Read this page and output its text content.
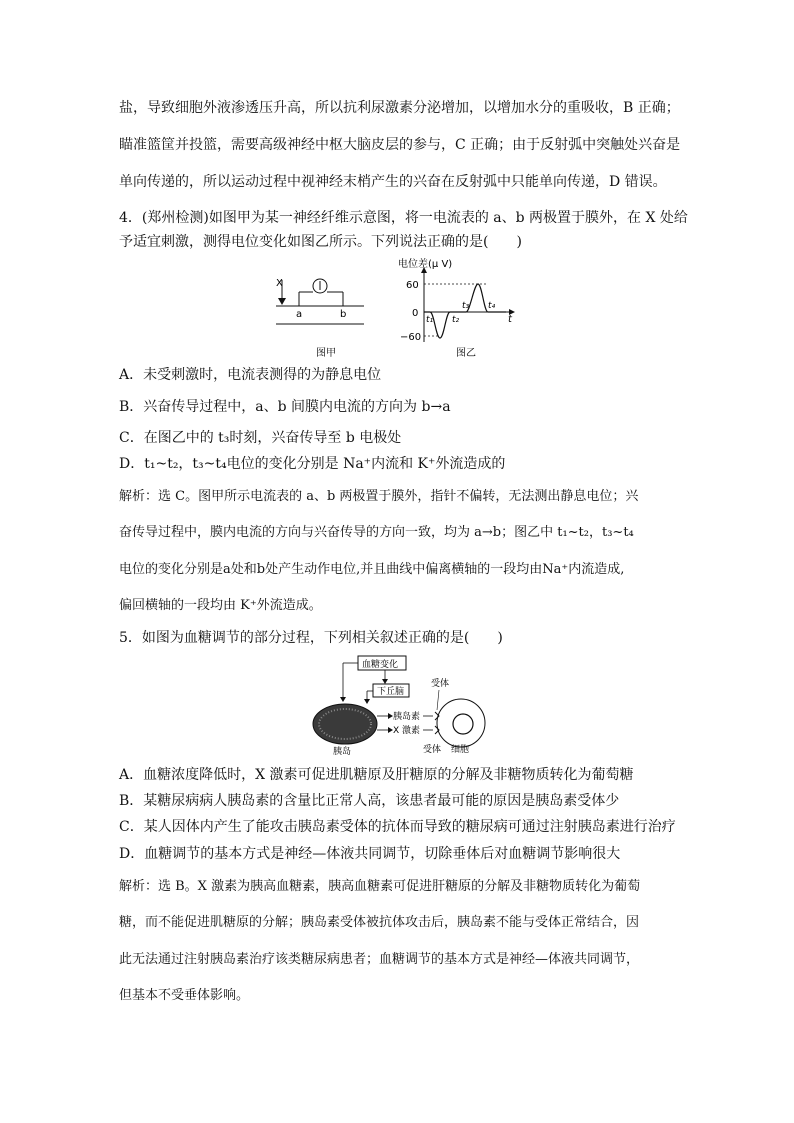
盐，导致细胞外液渗透压升高，所以抗利尿激素分泌增加，以增加水分的重吸收，B 正确；
瞄准篮筐并投篮，需要高级神经中枢大脑皮层的参与，C 正确；由于反射弧中突触处兴奋是
单向传递的，所以运动过程中视神经末梢产生的兴奋在反射弧中只能单向传递，D 错误。
4．(郑州检测)如图甲为某一神经纤维示意图，将一电流表的 a、b 两极置于膜外，在 X 处给
予适宜刺激，测得电位变化如图乙所示。下列说法正确的是(　　)
X
a	b
图甲
电位差(μ V)
60
0
−60
t₁ t₂
t₃ t₄
t
图乙
A．未受刺激时，电流表测得的为静息电位
B．兴奋传导过程中，a、b 间膜内电流的方向为 b→a
C．在图乙中的 t₃时刻，兴奋传导至 b 电极处
D．t₁~t₂，t₃~t₄电位的变化分别是 Na⁺内流和 K⁺外流造成的
解析：选 C。图甲所示电流表的 a、b 两极置于膜外，指针不偏转，无法测出静息电位；兴
奋传导过程中，膜内电流的方向与兴奋传导的方向一致，均为 a→b；图乙中 t₁~t₂，t₃~t₄
电位的变化分别是a处和b处产生动作电位,并且曲线中偏离横轴的一段均由Na⁺内流造成,
偏回横轴的一段均由 K⁺外流造成。
5．如图为血糖调节的部分过程，下列相关叙述正确的是(　　)
血糖变化
下丘脑
胰岛
胰岛素
X 激素
受体
受体 细胞
A．血糖浓度降低时，X 激素可促进肌糖原及肝糖原的分解及非糖物质转化为葡萄糖
B．某糖尿病病人胰岛素的含量比正常人高，该患者最可能的原因是胰岛素受体少
C．某人因体内产生了能攻击胰岛素受体的抗体而导致的糖尿病可通过注射胰岛素进行治疗
D．血糖调节的基本方式是神经—体液共同调节，切除垂体后对血糖调节影响很大
解析：选 B。X 激素为胰高血糖素，胰高血糖素可促进肝糖原的分解及非糖物质转化为葡萄
糖，而不能促进肌糖原的分解；胰岛素受体被抗体攻击后，胰岛素不能与受体正常结合，因
此无法通过注射胰岛素治疗该类糖尿病患者；血糖调节的基本方式是神经—体液共同调节，
但基本不受垂体影响。
